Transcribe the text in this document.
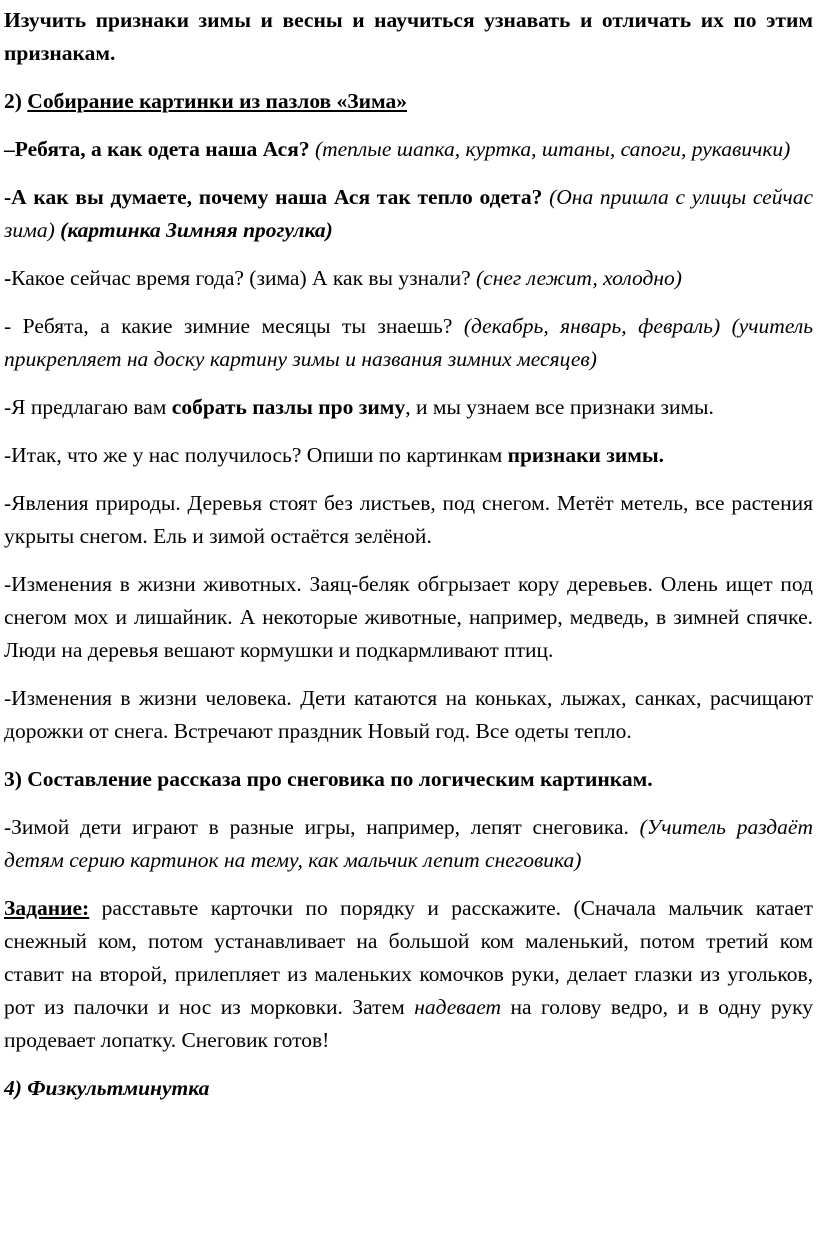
Изучить признаки зимы и весны и научиться узнавать и отличать их по этим признакам.

2) Собирание картинки из пазлов «Зима»

–Ребятa, а как одета наша Ася? (теплые шапка, куртка, штаны, сапоги, рукавички)

-А как вы думаете, почему наша Ася так тепло одета? (Она пришла с улицы сейчас зима) (картинка Зимняя прогулка)

-Какое сейчас время года? (зима) А как вы узнали? (снег лежит, холодно)

- Ребята, а какие зимние месяцы ты знаешь? (декабрь, январь, февраль) (учитель прикрепляет на доску картину зимы и названия зимних месяцев)

-Я предлагаю вам собрать пазлы про зиму, и мы узнаем все признаки зимы.

-Итак, что же у нас получилось? Опиши по картинкам признаки зимы.

-Явления природы. Деревья стоят без листьев, под снегом. Метёт метель, все растения укрыты снегом. Ель и зимой остаётся зелёной.

-Изменения в жизни животных. Заяц-беляк обгрызает кору деревьев. Олень ищет под снегом мох и лишайник. А некоторые животные, например, медведь, в зимней спячке. Люди на деревья вешают кормушки и подкармливают птиц.

-Изменения в жизни человека. Дети катаются на коньках, лыжах, санках, расчищают дорожки от снега. Встречают праздник Новый год. Все одеты тепло.

3) Составление рассказа про снеговика по логическим картинкам.

-Зимой дети играют в разные игры, например, лепят снеговика. (Учитель раздаёт детям серию картинок на тему, как мальчик лепит снеговика)

Задание: расставьте карточки по порядку и расскажите. (Сначала мальчик катает снежный ком, потом устанавливает на большой ком маленький, потом третий ком ставит на второй, прилепляет из маленьких комочков руки, делает глазки из угольков, рот из палочки и нос из морковки. Затем надевает на голову ведро, и в одну руку продевает лопатку. Снеговик готов!

4) Физкультминутка
